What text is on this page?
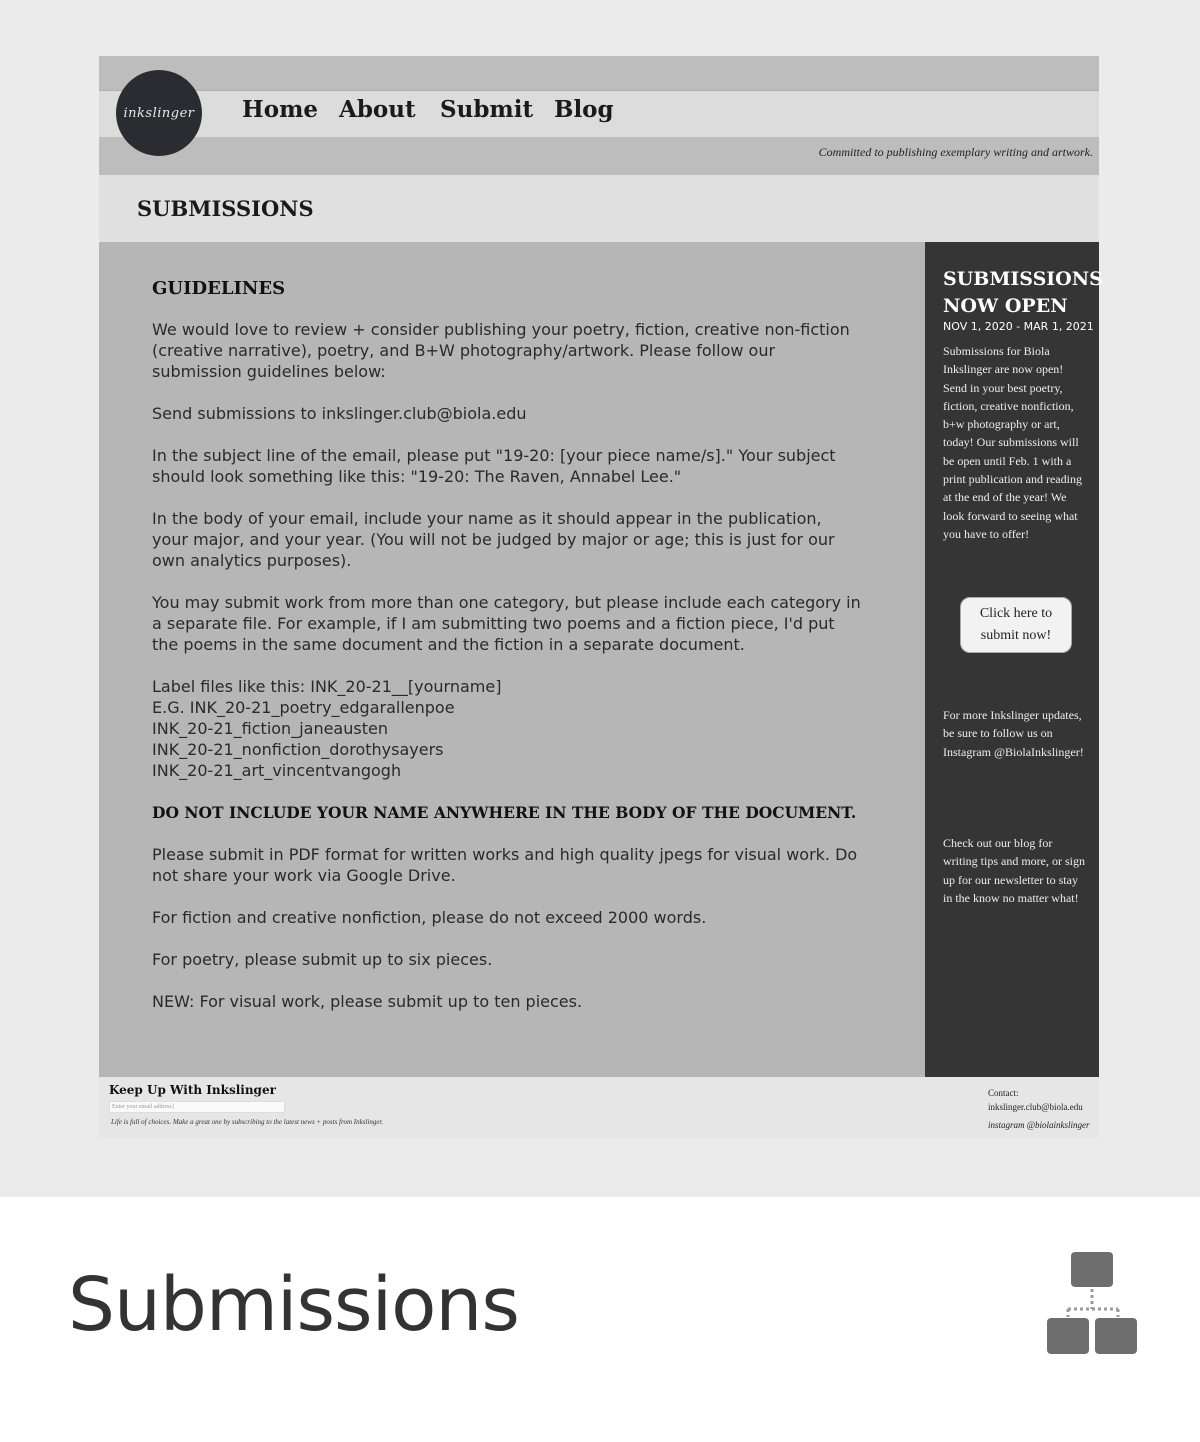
inkslinger Home About Submit Blog
Committed to publishing exemplary writing and artwork.
SUBMISSIONS
GUIDELINES

We would love to review + consider publishing your poetry, fiction, creative non-fiction (creative narrative), poetry, and B+W photography/artwork. Please follow our submission guidelines below:

Send submissions to inkslinger.club@biola.edu

In the subject line of the email, please put "19-20: [your piece name/s]." Your subject should look something like this: "19-20: The Raven, Annabel Lee."

In the body of your email, include your name as it should appear in the publication, your major, and your year. (You will not be judged by major or age; this is just for our own analytics purposes).

You may submit work from more than one category, but please include each category in a separate file. For example, if I am submitting two poems and a fiction piece, I'd put the poems in the same document and the fiction in a separate document.

Label files like this: INK_20-21__[yourname]

E.G. INK_20-21_poetry_edgarallenpoe

INK_20-21_fiction_janeausten

INK_20-21_nonfiction_dorothysayers

INK_20-21_art_vincentvangogh

DO NOT INCLUDE YOUR NAME ANYWHERE IN THE BODY OF THE DOCUMENT.

Please submit in PDF format for written works and high quality jpegs for visual work. Do not share your work via Google Drive.

For fiction and creative nonfiction, please do not exceed 2000 words.

For poetry, please submit up to six pieces.

NEW: For visual work, please submit up to ten pieces.

SUBMISSIONS NOW OPEN
NOV 1, 2020 - MAR 1, 2021
Submissions for Biola Inkslinger are now open! Send in your best poetry, fiction, creative nonfiction, b+w photography or art, today! Our submissions will be open until Feb. 1 with a print publication and reading at the end of the year! We look forward to seeing what you have to offer!
Click here to submit now!
For more Inkslinger updates, be sure to follow us on Instagram @BiolaInkslinger!
Check out our blog for writing tips and more, or sign up for our newsletter to stay in the know no matter what!
Keep Up With Inkslinger
Enter your email address]
Life is full of choices. Make a great one by subscribing to the latest news + posts from Inkslinger.
Contact:
inkslinger.club@biola.edu
instagram @biolainkslinger
Submissions
